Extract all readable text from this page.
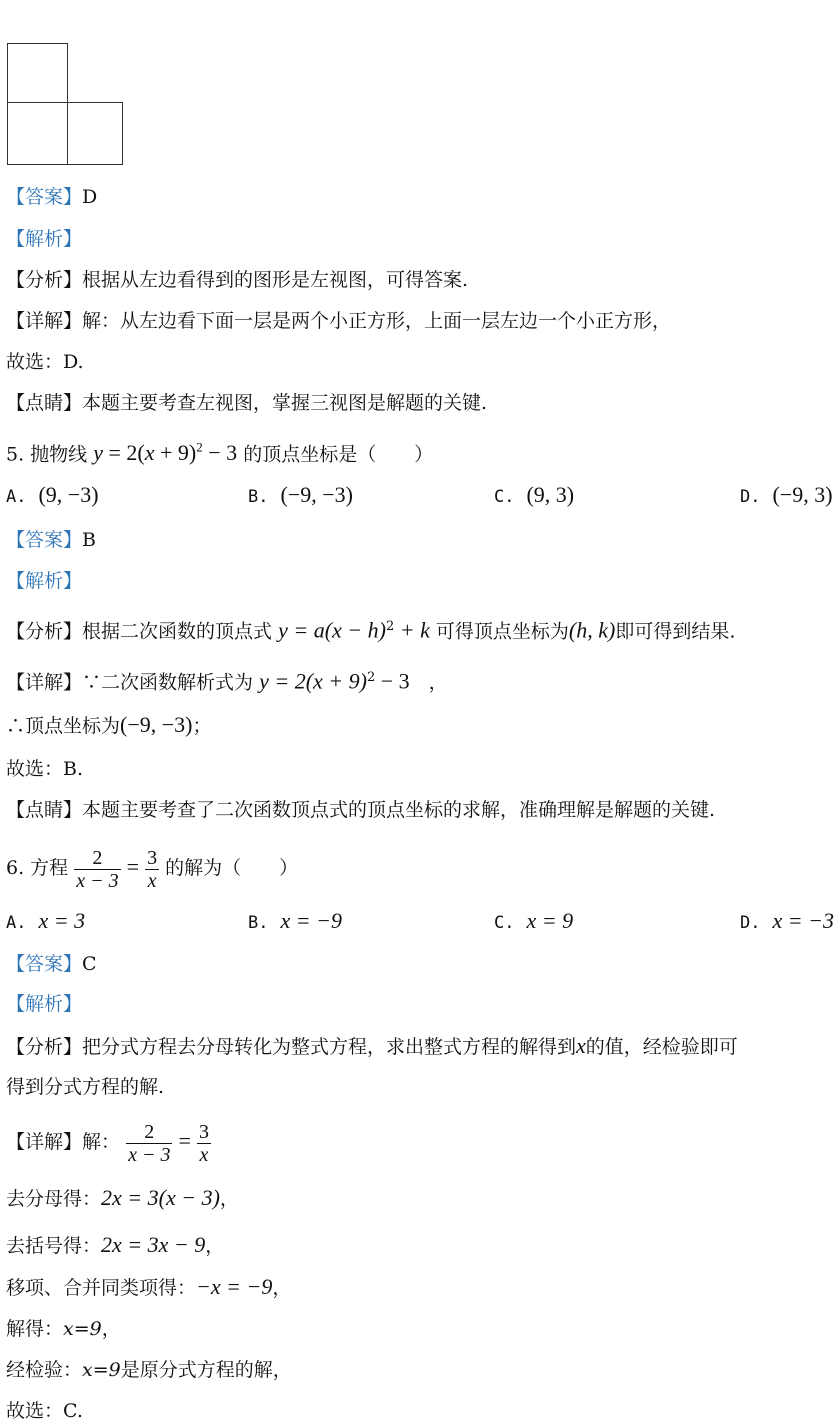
【答案】D
【解析】
【分析】根据从左边看得到的图形是左视图，可得答案.
【详解】解：从左边看下面一层是两个小正方形，上面一层左边一个小正方形，
故选：D.
【点睛】本题主要考查左视图，掌握三视图是解题的关键.
5. 抛物线 $y = 2(x + 9)^2 - 3$ 的顶点坐标是（　　）
A. (9, −3)	B. (−9, −3)	C. (9, 3)	D. (−9, 3)
【答案】B
【解析】
【分析】根据二次函数的顶点式 $y = a(x - h)^2 + k$ 可得顶点坐标为(h, k)即可得到结果.
【详解】∵二次函数解析式为 $y = 2(x + 9)^2 - 3$　，
∴顶点坐标为(−9, −3)；
故选：B.
【点睛】本题主要考查了二次函数顶点式的顶点坐标的求解，准确理解是解题的关键.
6. 方程 $\frac{2}{x - 3} = \frac{3}{x}$ 的解为（　　）
A. x = 3	B. x = −9	C. x = 9	D. x = −3
【答案】C
【解析】
【分析】把分式方程去分母转化为整式方程，求出整式方程的解得到x的值，经检验即可
得到分式方程的解.
【详解】解： $\frac{2}{x - 3} = \frac{3}{x}$
去分母得：2x = 3(x − 3)，
去括号得：2x = 3x − 9，
移项、合并同类项得：−x = −9，
解得：x=9，
经检验：x=9是原分式方程的解，
故选：C.
